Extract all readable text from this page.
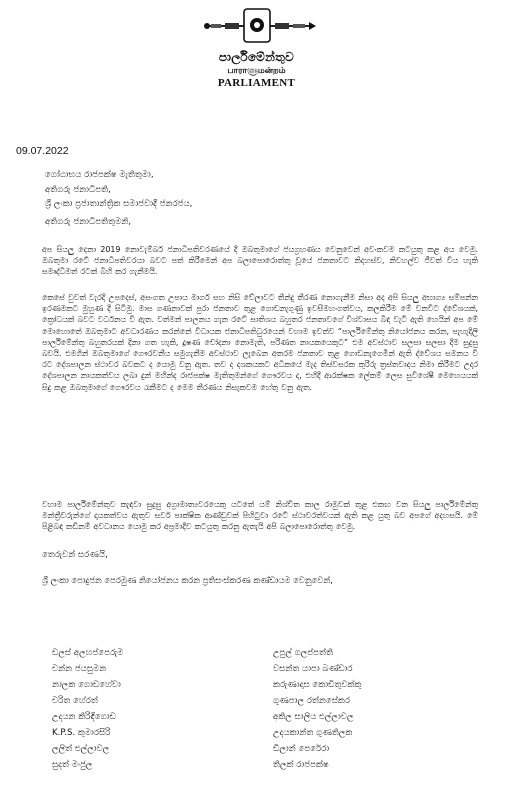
පාර්ලිමේන්තුව
பாராளுமன்றம்
PARLIAMENT
09.07.2022
ගෝඨාභය රාජපක්ෂ මැතිතුමා,
අතිගරු ජනාධිපති,
ශ්‍රී ලංකා ප්‍රජාතාන්ත්‍රික සමාජවාදී ජනරජය,
අතිගරු ජනාධිපතිතුමනි,

අප සියලු දෙනා 2019 නොවැම්බර් ජනාධිපතිවරණයේ දී ඔබතුමාගේ ජයග්‍රහණය වෙනුවෙන් අවංකවම කටයුතු කළ අය වෙමු. ඔබතුමා රටේ ජනාධිපතිවරයා බවට පත් කිරීමෙන් අප බලාපොරොත්තු වූයේ ජනතාවට නිදහස්ව, නිවහල්ව ජීවත් විය හැකි සමෘද්ධිමත් රටක් බිහි කර ගැනීමයි.

කෙසේ වුවත් වැරදි උපදෙස්, අසංගත උපාය මාර්ග සහ නිසි වේලාවට තීන්දු තීරණ නොගැනීම නිසා අද අපි සියලු අභාග්‍ය සම්පන්න ඉරණමකට මුහුණ දී සිටිමු. මාස ගණනාවක් පුරා ජනතාව තුළ ගොඩනැගුණු ඉවසීමහංගත්වය, කලකිරීම මේ වනවිට ද්වේශයක්, ක්‍රෝධයක් බවට වර්ධනය වී ඇත. වත්මන් පාලනය ගැන රටේ සාතිශය බහුතර ජනතාවගේ විශ්වාසය බිඳ වැටී ඇති හෙයින් අප මේ මොහොතේ ඔබතුමාට අවධාරණය කරන්නේ විධායක ජනාධිපතිධුරයෙන් වහාම ඉවත්ව “පාර්ලිමේන්තු නියෝජනය කරන, පැහැදිලි පාර්ලිමේන්තු බහුතරයක් දිනා ගත හැකි, දූෂණ චෝදනා නොමැති, පරිණත නායකයෙකුට” එම අවස්ථාව සලසා සලසා දීම සුදුසු බවයි. එමගින් ඔබතුමාගේ ගෞරවනීය සමුගැනීම අවස්ථාව ලැබෙන අතරම ජනතාව තුළ ගොඩනැගෙමින් ඇති ද්වේශය සමනය වී රට දේශපාලන ස්ථාවර බවකට ද යොමු වනු ඇත. තව ද දශකයකට අධිකයේ මැද තිස්වසරක කුරිරු ත්‍රස්තවාදය නිමා කිරීමට උදාර දේශපාලන නායකත්වය ලබා දුන් මහින්ද රාජපක්ෂ මැතිතුමන්ගේ ගෞරවය ද, එහිදී ආරක්ෂක ලේකම් ලෙස සුවිශේෂී මෙහෙයයක් සිදු කළ ඔබතුමාගේ ගෞරවය රැකීමට ද මෙම තීරණය නිසැකවම හේතු වනු ඇත.

වහාම පාර්ලිමේන්තුව කැඳවා සුදුසු අග්‍රාමාත්‍යවරයෙකු යටතේ යම් නිශ්චිත කාල රාමුවක් තුළ එකඟ වන සියලු පාර්ලිමේන්තු මන්ත්‍රීවරුන්ගේ දායකත්වය ඇතුව සර්ව පාක්ෂික ආණ්ඩුවක් පිහිටුවා රටේ ස්ථාවරත්වයක් ඇති කළ යුතු බව අපගේ අදහසයි. මේ පිළිබඳ කඩිනම් අවධානය යොමු කර අප්‍රමාදීව කටයුතු කරනු ඇතැයි අපි බලාපොරොත්තු වෙමු.

තෙරුවන් සරණයි,
ශ්‍රී ලංකා පොදුජන පෙරමුණ නියෝජනය කරන ප්‍රතිසංස්කරණ කණ්ඩායම වෙනුවෙන්,
ඩලස් අලහප්පෙරුම
චන්න ජයසුමන
නාලක ගොඩහේවා
චරිත හේරත්
උදයන කිරිඳිගොඩ
K.P.S. කුමාරසිරි
ලලිත් එල්ලාවල
සුදත් මංජුල
උපුල් ගලප්පත්ති
වසන්ත යාපා බණ්ඩාර
කරුණාදාස කොඩිතුවක්කු
ගුණපාල රත්නසේකර
අකිල සාලිය එල්ලාවල
උදයකාන්ත ගුණතිලක
ඩිලාන් පෙරේරා
තිලක් රාජපක්ෂ
